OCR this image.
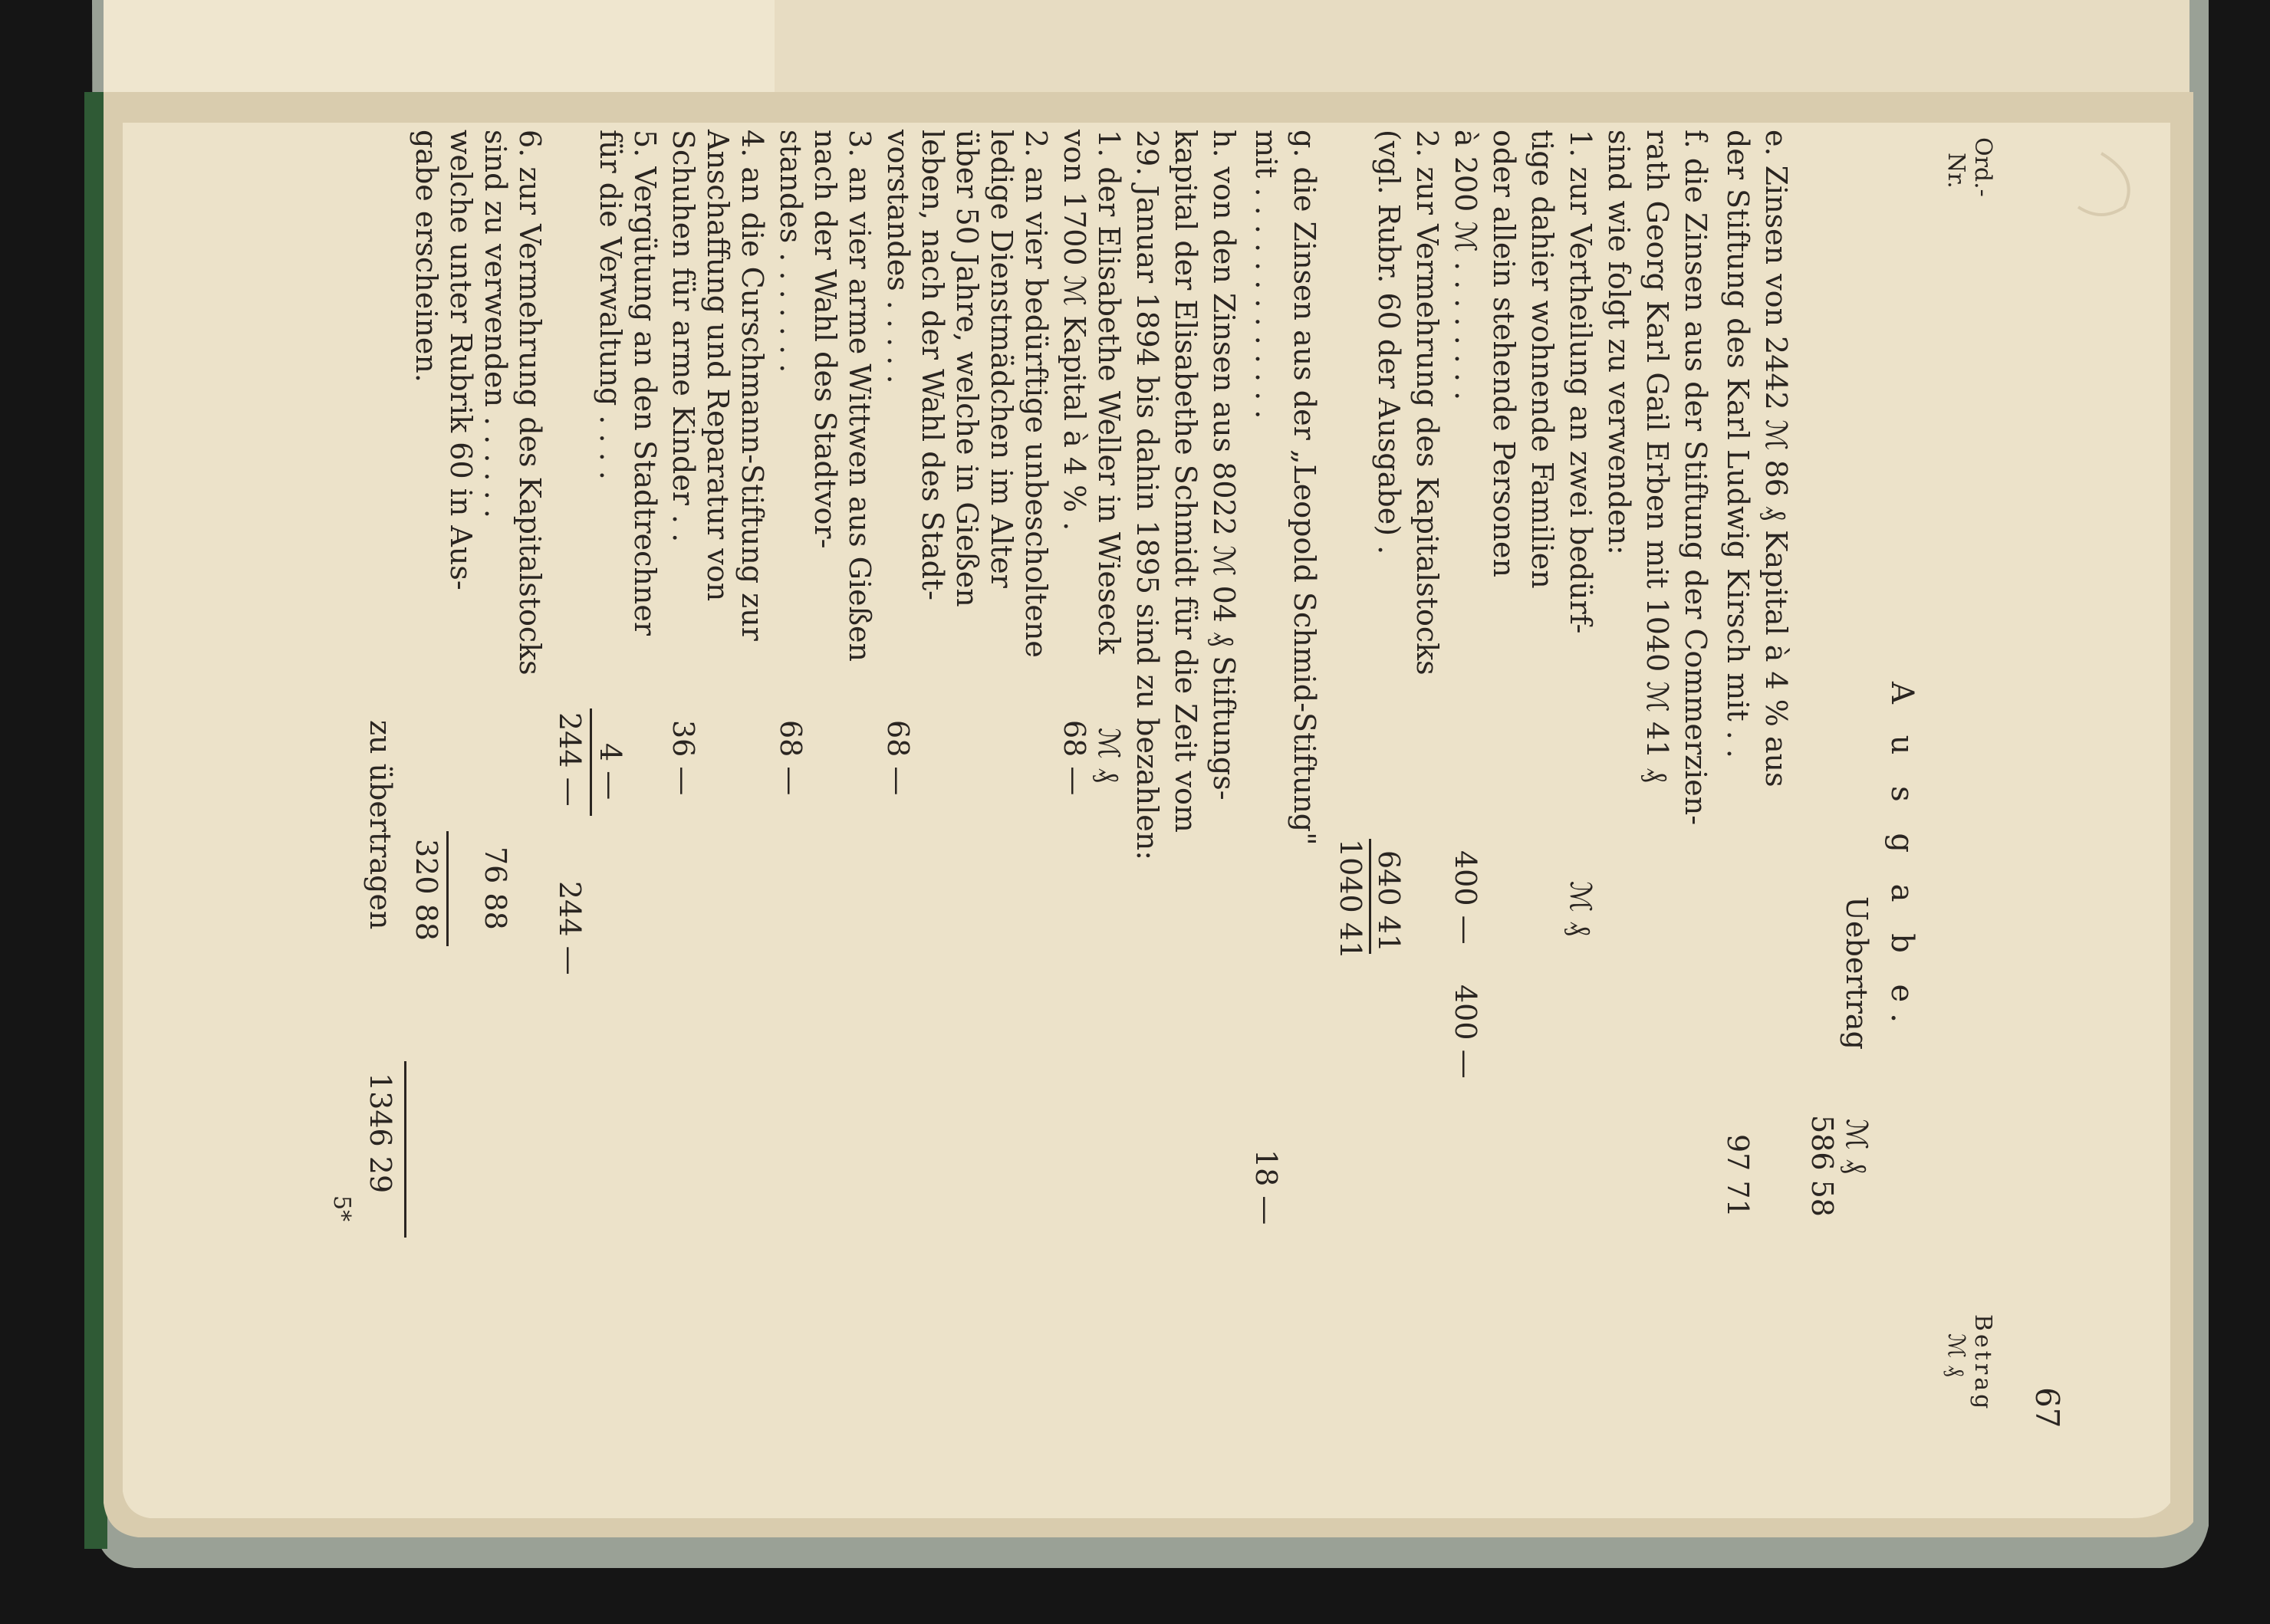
67
Ord.-
Nr.
Betrag
ℳ ₰
A u s g a b e.
Uebertrag
ℳ ₰
586 58
e. Zinsen von 2442 ℳ 86 ₰ Kapital à 4 % aus
der Stiftung des Karl Ludwig Kirsch mit . .
97 71
f. die Zinsen aus der Stiftung der Commerzien-
rath Georg Karl Gail Erben mit 1040 ℳ 41 ₰
sind wie folgt zu verwenden:
1. zur Vertheilung an zwei bedürf-
ℳ ₰
tige dahier wohnende Familien
oder allein stehende Personen
à 200 ℳ . . . . . . . .
400 —
400 —
2. zur Vermehrung des Kapitalstocks
(vgl. Rubr. 60 der Ausgabe) .
640 41
1040 41
g. die Zinsen aus der „Leopold Schmid-Stiftung"
mit . . . . . . . . . . . . .
18 —
h. von den Zinsen aus 8022 ℳ 04 ₰ Stiftungs-
kapital der Elisabethe Schmidt für die Zeit vom
29. Januar 1894 bis dahin 1895 sind zu bezahlen:
1. der Elisabethe Weller in Wieseck
ℳ ₰
von 1700 ℳ Kapital à 4 % .
68 —
2. an vier bedürftige unbescholtene
ledige Dienstmädchen im Alter
über 50 Jahre, welche in Gießen
leben, nach der Wahl des Stadt-
vorstandes . . . . .
68 —
3. an vier arme Wittwen aus Gießen
nach der Wahl des Stadtvor-
standes . . . . . . .
68 —
4. an die Curschmann-Stiftung zur
Anschaffung und Reparatur von
Schuhen für arme Kinder . .
36 —
5. Vergütung an den Stadtrechner
für die Verwaltung . . . .
4 —
244 —
244 —
6. zur Vermehrung des Kapitalstocks
sind zu verwenden . . . . . .
76 88
welche unter Rubrik 60 in Aus-
gabe erscheinen.
320 88
zu übertragen
1346 29
5*
